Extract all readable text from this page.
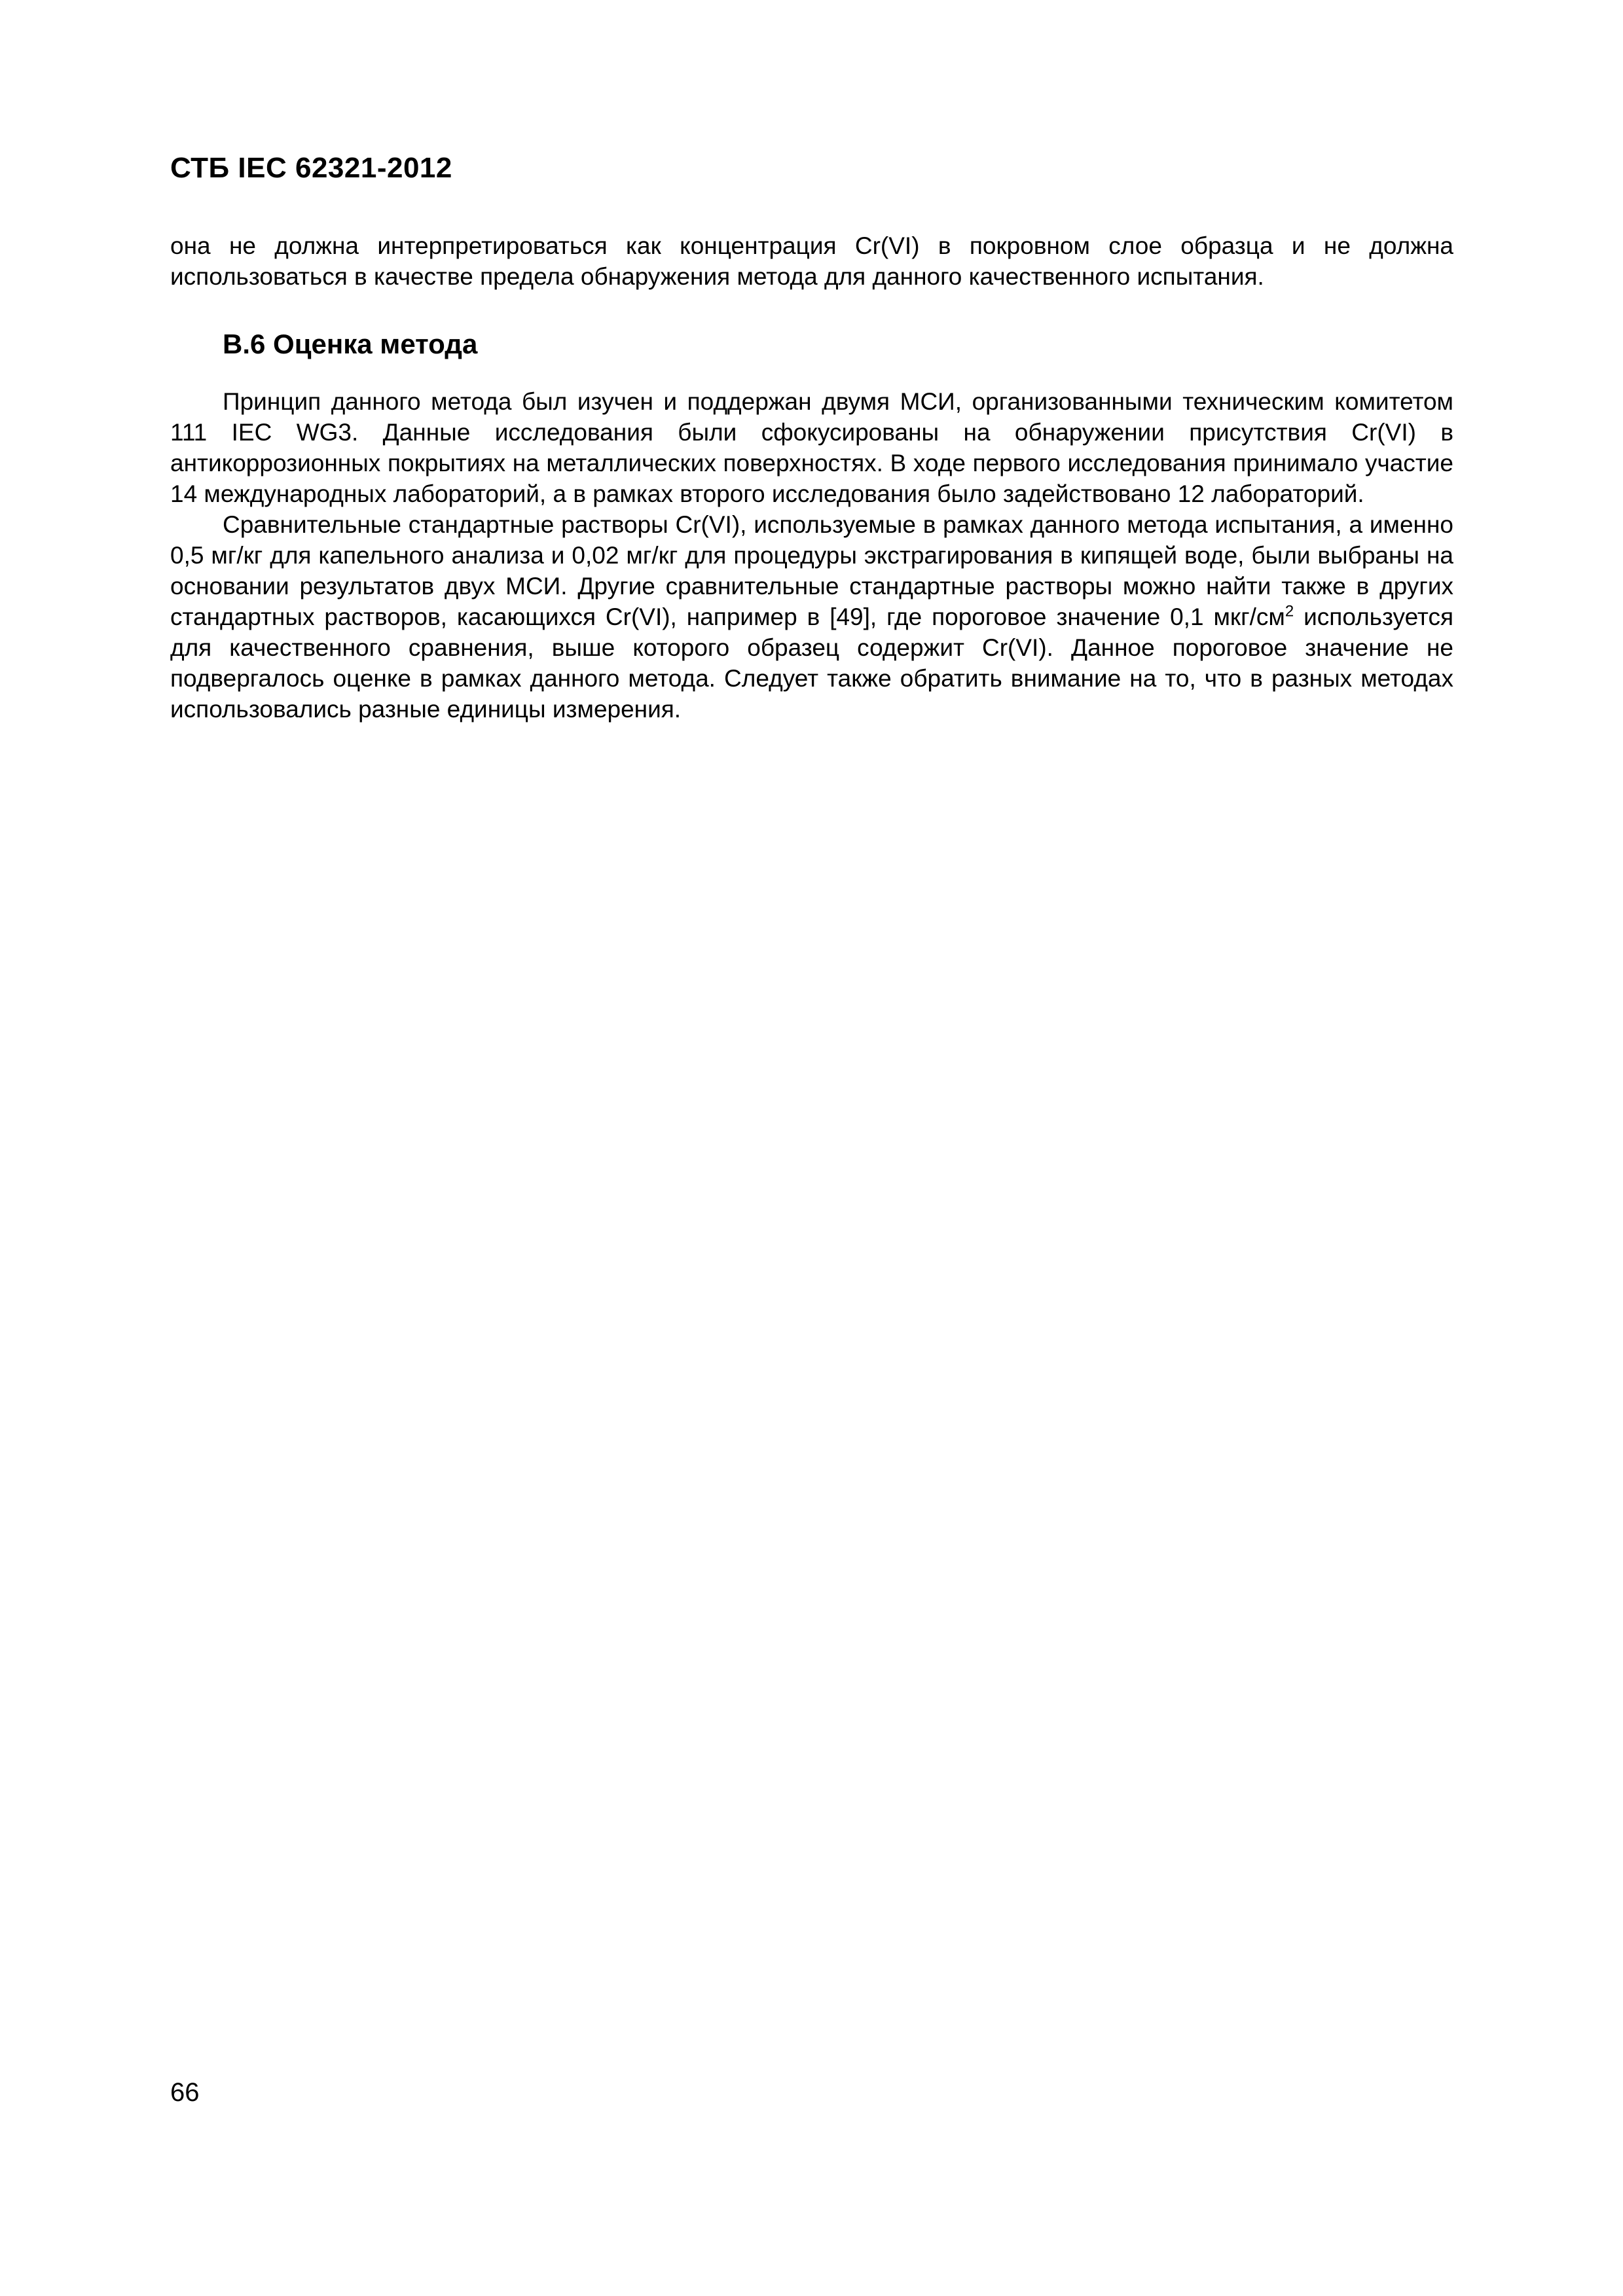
СТБ IEC 62321-2012

она не должна интерпретироваться как концентрация Cr(VI) в покровном слое образца и не должна использоваться в качестве предела обнаружения метода для данного качественного испытания.

B.6 Оценка метода

Принцип данного метода был изучен и поддержан двумя МСИ, организованными техническим комитетом 111 IEC WG3. Данные исследования были сфокусированы на обнаружении присутствия Cr(VI) в антикоррозионных покрытиях на металлических поверхностях. В ходе первого исследования принимало участие 14 международных лабораторий, а в рамках второго исследования было задействовано 12 лабораторий.

Сравнительные стандартные растворы Cr(VI), используемые в рамках данного метода испытания, а именно 0,5 мг/кг для капельного анализа и 0,02 мг/кг для процедуры экстрагирования в кипящей воде, были выбраны на основании результатов двух МСИ. Другие сравнительные стандартные растворы можно найти также в других стандартных растворов, касающихся Cr(VI), например в [49], где пороговое значение 0,1 мкг/$см^2$ используется для качественного сравнения, выше которого образец содержит Cr(VI). Данное пороговое значение не подвергалось оценке в рамках данного метода. Следует также обратить внимание на то, что в разных методах использовались разные единицы измерения.

66
